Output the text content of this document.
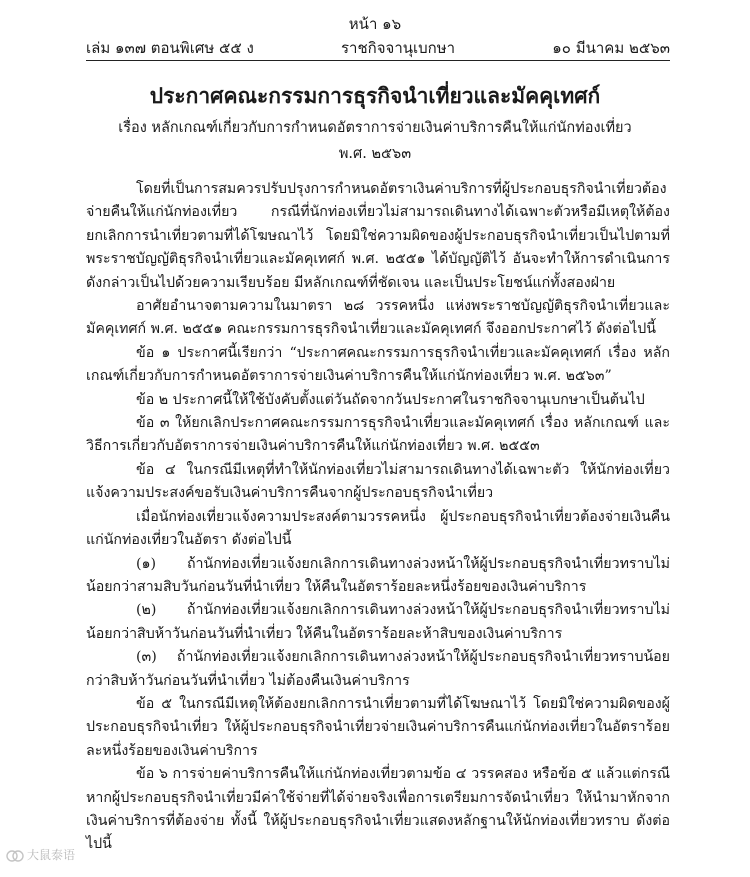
หน้า ๑๖
เล่ม ๑๓๗ ตอนพิเศษ ๕๕ ง	ราชกิจจานุเบกษา	๑๐ มีนาคม ๒๕๖๓
ประกาศคณะกรรมการธุรกิจนำเที่ยวและมัคคุเทศก์
เรื่อง หลักเกณฑ์เกี่ยวกับการกำหนดอัตราการจ่ายเงินค่าบริการคืนให้แก่นักท่องเที่ยว
พ.ศ. ๒๕๖๓

โดยที่เป็นการสมควรปรับปรุงการกำหนดอัตราเงินค่าบริการที่ผู้ประกอบธุรกิจนำเที่ยวต้องจ่ายคืนให้แก่นักท่องเที่ยว กรณีที่นักท่องเที่ยวไม่สามารถเดินทางได้เฉพาะตัวหรือมีเหตุให้ต้องยกเลิกการนำเที่ยวตามที่ได้โฆษณาไว้ โดยมิใช่ความผิดของผู้ประกอบธุรกิจนำเที่ยวเป็นไปตามที่พระราชบัญญัติธุรกิจนำเที่ยวและมัคคุเทศก์ พ.ศ. ๒๕๕๑ ได้บัญญัติไว้ อันจะทำให้การดำเนินการดังกล่าวเป็นไปด้วยความเรียบร้อย มีหลักเกณฑ์ที่ชัดเจน และเป็นประโยชน์แก่ทั้งสองฝ่าย

อาศัยอำนาจตามความในมาตรา ๒๘ วรรคหนึ่ง แห่งพระราชบัญญัติธุรกิจนำเที่ยวและมัคคุเทศก์ พ.ศ. ๒๕๕๑ คณะกรรมการธุรกิจนำเที่ยวและมัคคุเทศก์ จึงออกประกาศไว้ ดังต่อไปนี้

ข้อ ๑ ประกาศนี้เรียกว่า “ประกาศคณะกรรมการธุรกิจนำเที่ยวและมัคคุเทศก์ เรื่อง หลักเกณฑ์เกี่ยวกับการกำหนดอัตราการจ่ายเงินค่าบริการคืนให้แก่นักท่องเที่ยว พ.ศ. ๒๕๖๓”

ข้อ ๒ ประกาศนี้ให้ใช้บังคับตั้งแต่วันถัดจากวันประกาศในราชกิจจานุเบกษาเป็นต้นไป

ข้อ ๓ ให้ยกเลิกประกาศคณะกรรมการธุรกิจนำเที่ยวและมัคคุเทศก์ เรื่อง หลักเกณฑ์ และวิธีการเกี่ยวกับอัตราการจ่ายเงินค่าบริการคืนให้แก่นักท่องเที่ยว พ.ศ. ๒๕๕๓

ข้อ ๔ ในกรณีมีเหตุที่ทำให้นักท่องเที่ยวไม่สามารถเดินทางได้เฉพาะตัว ให้นักท่องเที่ยวแจ้งความประสงค์ขอรับเงินค่าบริการคืนจากผู้ประกอบธุรกิจนำเที่ยว

เมื่อนักท่องเที่ยวแจ้งความประสงค์ตามวรรคหนึ่ง ผู้ประกอบธุรกิจนำเที่ยวต้องจ่ายเงินคืนแก่นักท่องเที่ยวในอัตรา ดังต่อไปนี้

(๑) ถ้านักท่องเที่ยวแจ้งยกเลิกการเดินทางล่วงหน้าให้ผู้ประกอบธุรกิจนำเที่ยวทราบไม่น้อยกว่าสามสิบวันก่อนวันที่นำเที่ยว ให้คืนในอัตราร้อยละหนึ่งร้อยของเงินค่าบริการ

(๒) ถ้านักท่องเที่ยวแจ้งยกเลิกการเดินทางล่วงหน้าให้ผู้ประกอบธุรกิจนำเที่ยวทราบไม่น้อยกว่าสิบห้าวันก่อนวันที่นำเที่ยว ให้คืนในอัตราร้อยละห้าสิบของเงินค่าบริการ

(๓) ถ้านักท่องเที่ยวแจ้งยกเลิกการเดินทางล่วงหน้าให้ผู้ประกอบธุรกิจนำเที่ยวทราบน้อยกว่าสิบห้าวันก่อนวันที่นำเที่ยว ไม่ต้องคืนเงินค่าบริการ

ข้อ ๕ ในกรณีมีเหตุให้ต้องยกเลิกการนำเที่ยวตามที่ได้โฆษณาไว้ โดยมิใช่ความผิดของผู้ประกอบธุรกิจนำเที่ยว ให้ผู้ประกอบธุรกิจนำเที่ยวจ่ายเงินค่าบริการคืนแก่นักท่องเที่ยวในอัตราร้อยละหนึ่งร้อยของเงินค่าบริการ

ข้อ ๖ การจ่ายค่าบริการคืนให้แก่นักท่องเที่ยวตามข้อ ๔ วรรคสอง หรือข้อ ๕ แล้วแต่กรณีหากผู้ประกอบธุรกิจนำเที่ยวมีค่าใช้จ่ายที่ได้จ่ายจริงเพื่อการเตรียมการจัดนำเที่ยว ให้นำมาหักจากเงินค่าบริการที่ต้องจ่าย ทั้งนี้ ให้ผู้ประกอบธุรกิจนำเที่ยวแสดงหลักฐานให้นักท่องเที่ยวทราบ ดังต่อไปนี้

大鼠泰语
